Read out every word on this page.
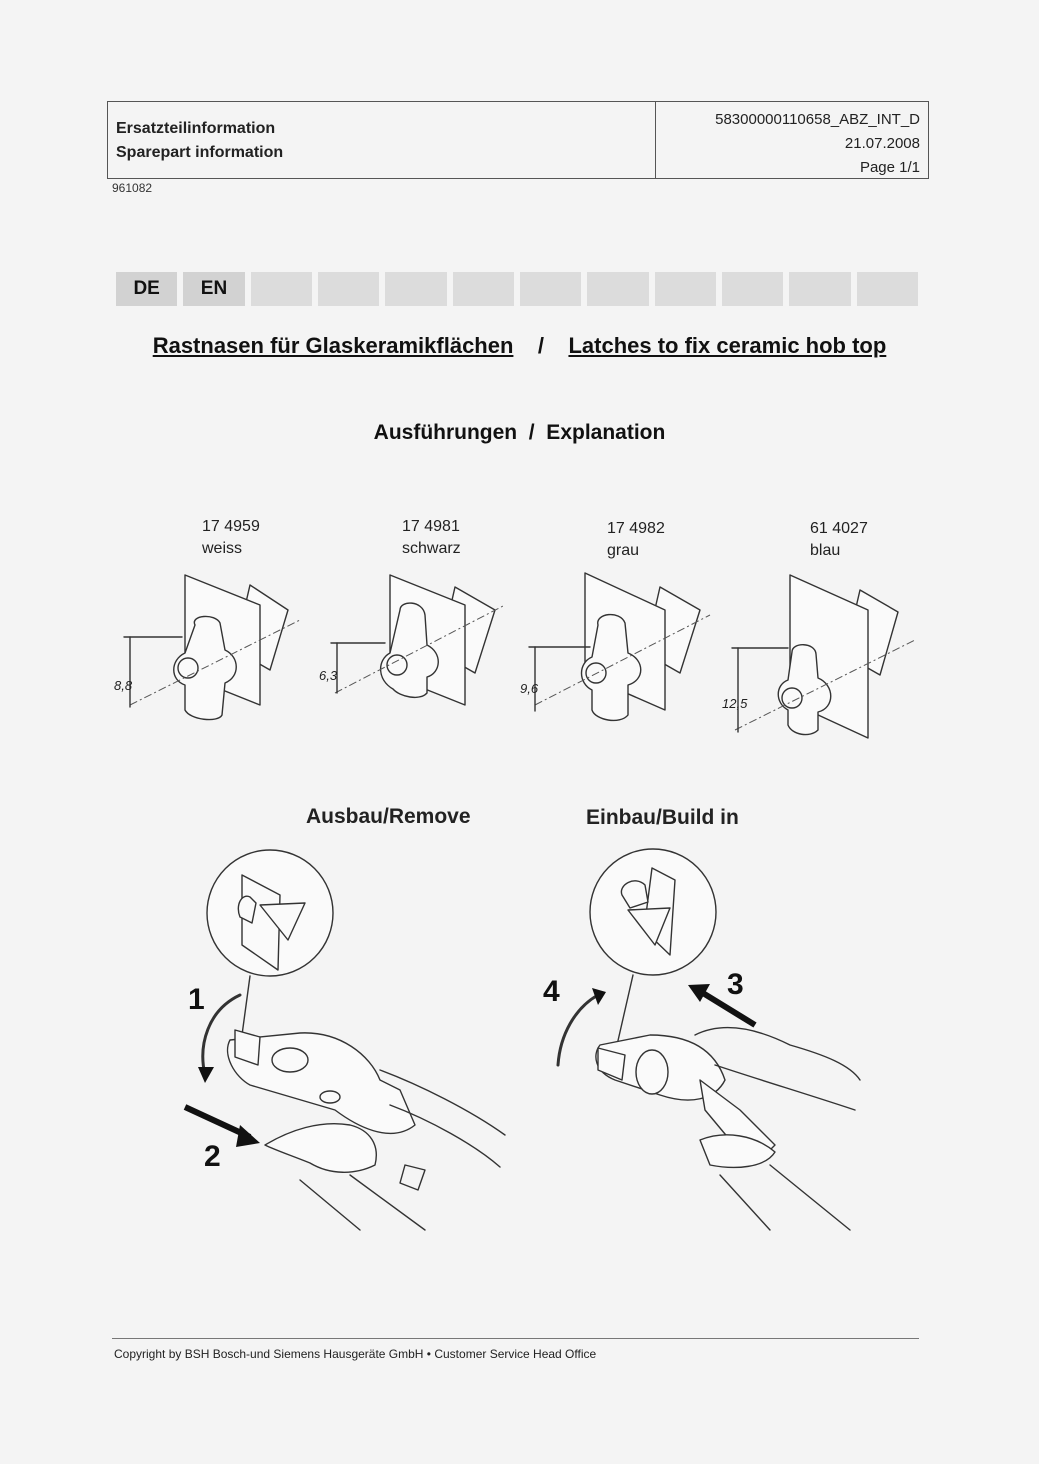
Ersatzteilinformation
Sparepart information
58300000110658_ABZ_INT_D
21.07.2008
Page 1/1
961082
DE	EN
Rastnasen für Glaskeramikflächen / Latches to fix ceramic hob top
Ausführungen  /  Explanation
17 4959
weiss
17 4981
schwarz
17 4982
grau
61 4027
blau
8,8
6,3
9,6
12,5
Ausbau/Remove	Einbau/Build in
1
2
3
4
Copyright by BSH Bosch-und Siemens Hausgeräte GmbH • Customer Service Head Office
